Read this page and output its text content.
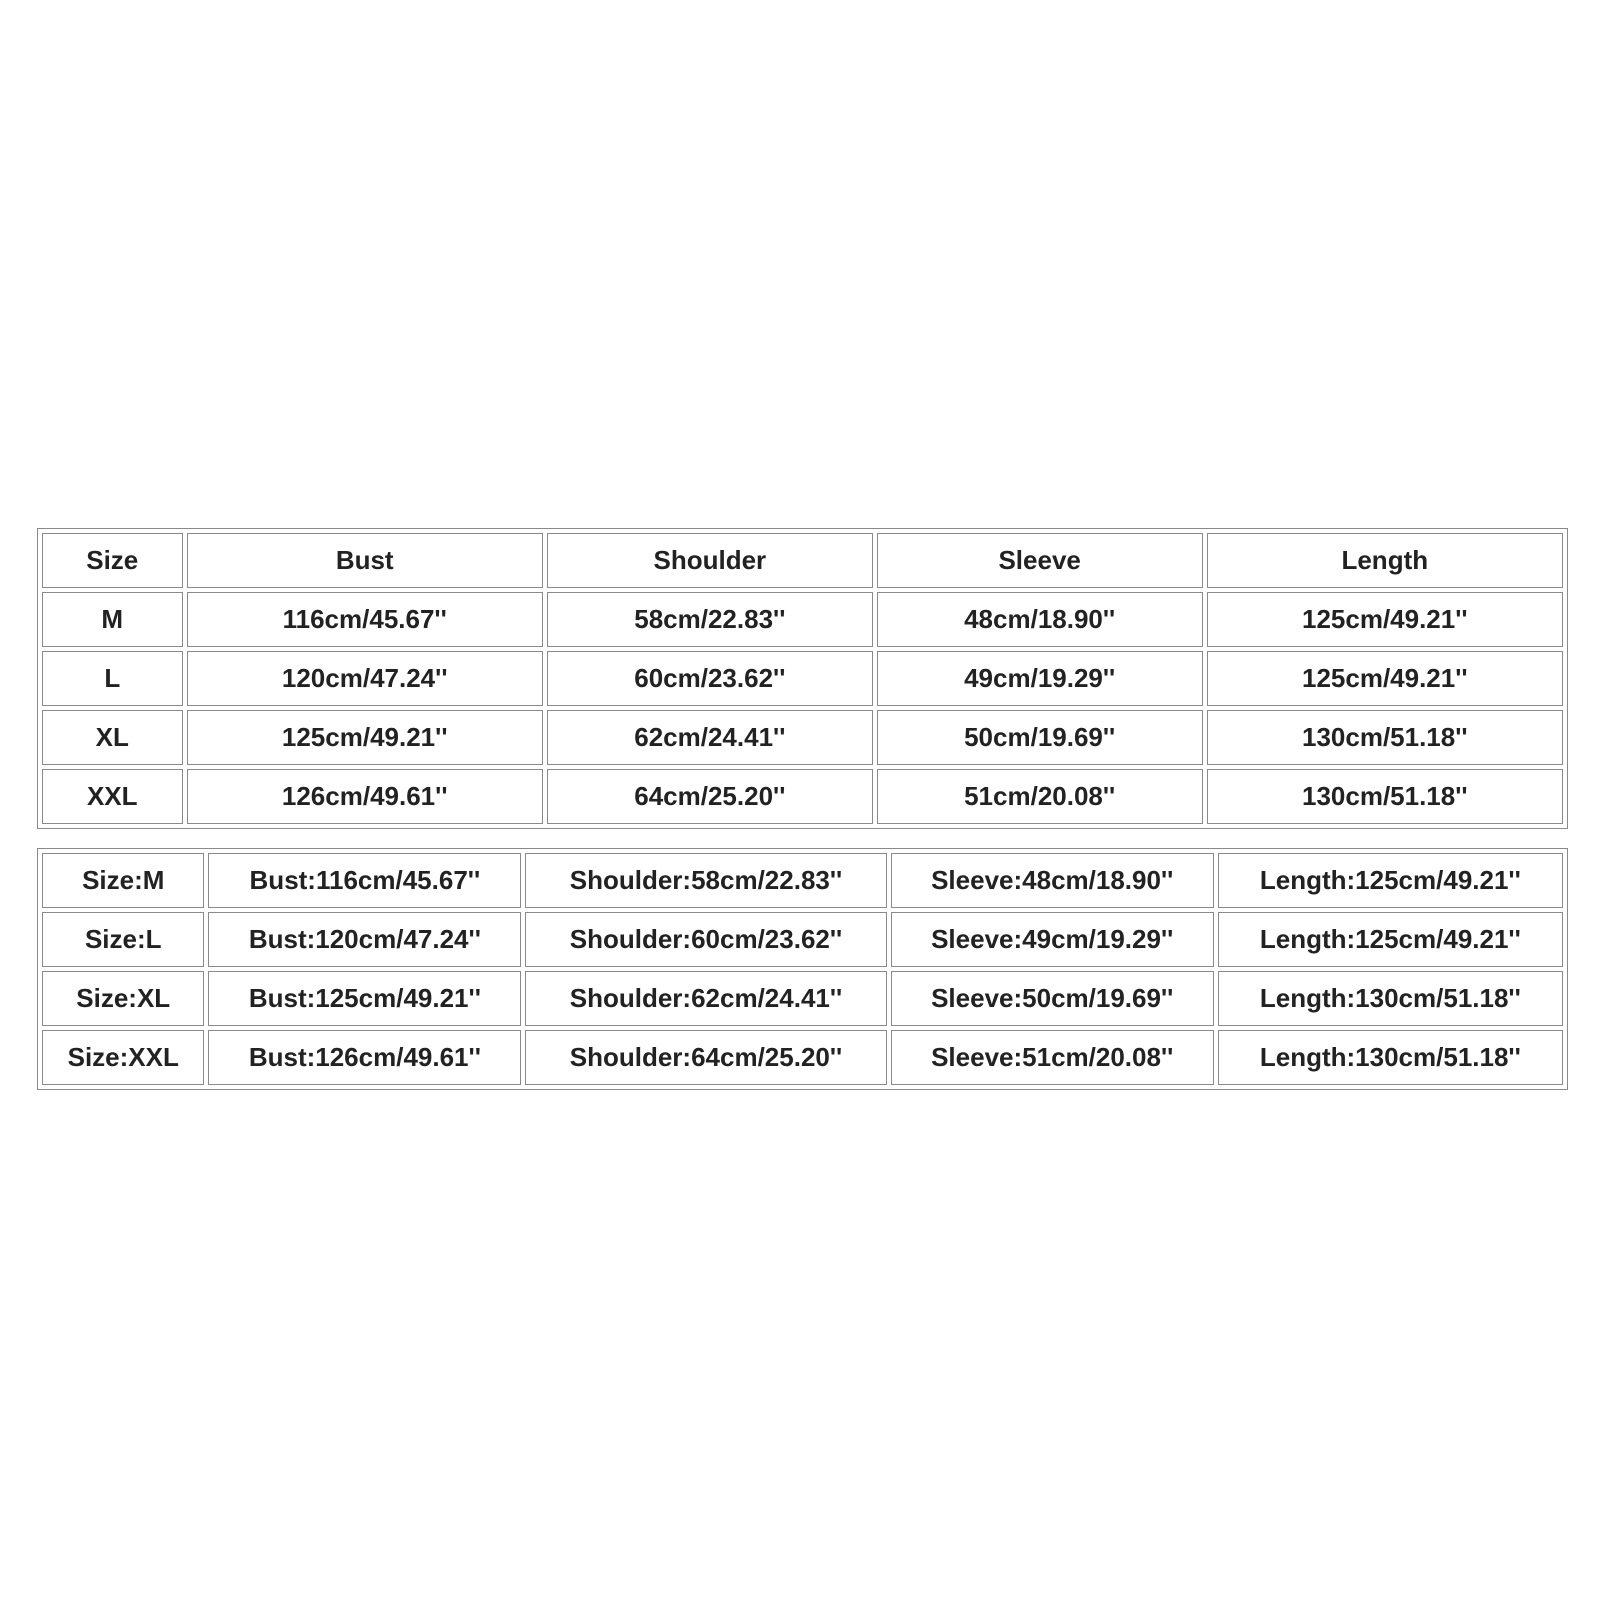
Size	Bust	Shoulder	Sleeve	Length
M	116cm/45.67''	58cm/22.83''	48cm/18.90''	125cm/49.21''
L	120cm/47.24''	60cm/23.62''	49cm/19.29''	125cm/49.21''
XL	125cm/49.21''	62cm/24.41''	50cm/19.69''	130cm/51.18''
XXL	126cm/49.61''	64cm/25.20''	51cm/20.08''	130cm/51.18''
Size:M	Bust:116cm/45.67''	Shoulder:58cm/22.83''	Sleeve:48cm/18.90''	Length:125cm/49.21''
Size:L	Bust:120cm/47.24''	Shoulder:60cm/23.62''	Sleeve:49cm/19.29''	Length:125cm/49.21''
Size:XL	Bust:125cm/49.21''	Shoulder:62cm/24.41''	Sleeve:50cm/19.69''	Length:130cm/51.18''
Size:XXL	Bust:126cm/49.61''	Shoulder:64cm/25.20''	Sleeve:51cm/20.08''	Length:130cm/51.18''
